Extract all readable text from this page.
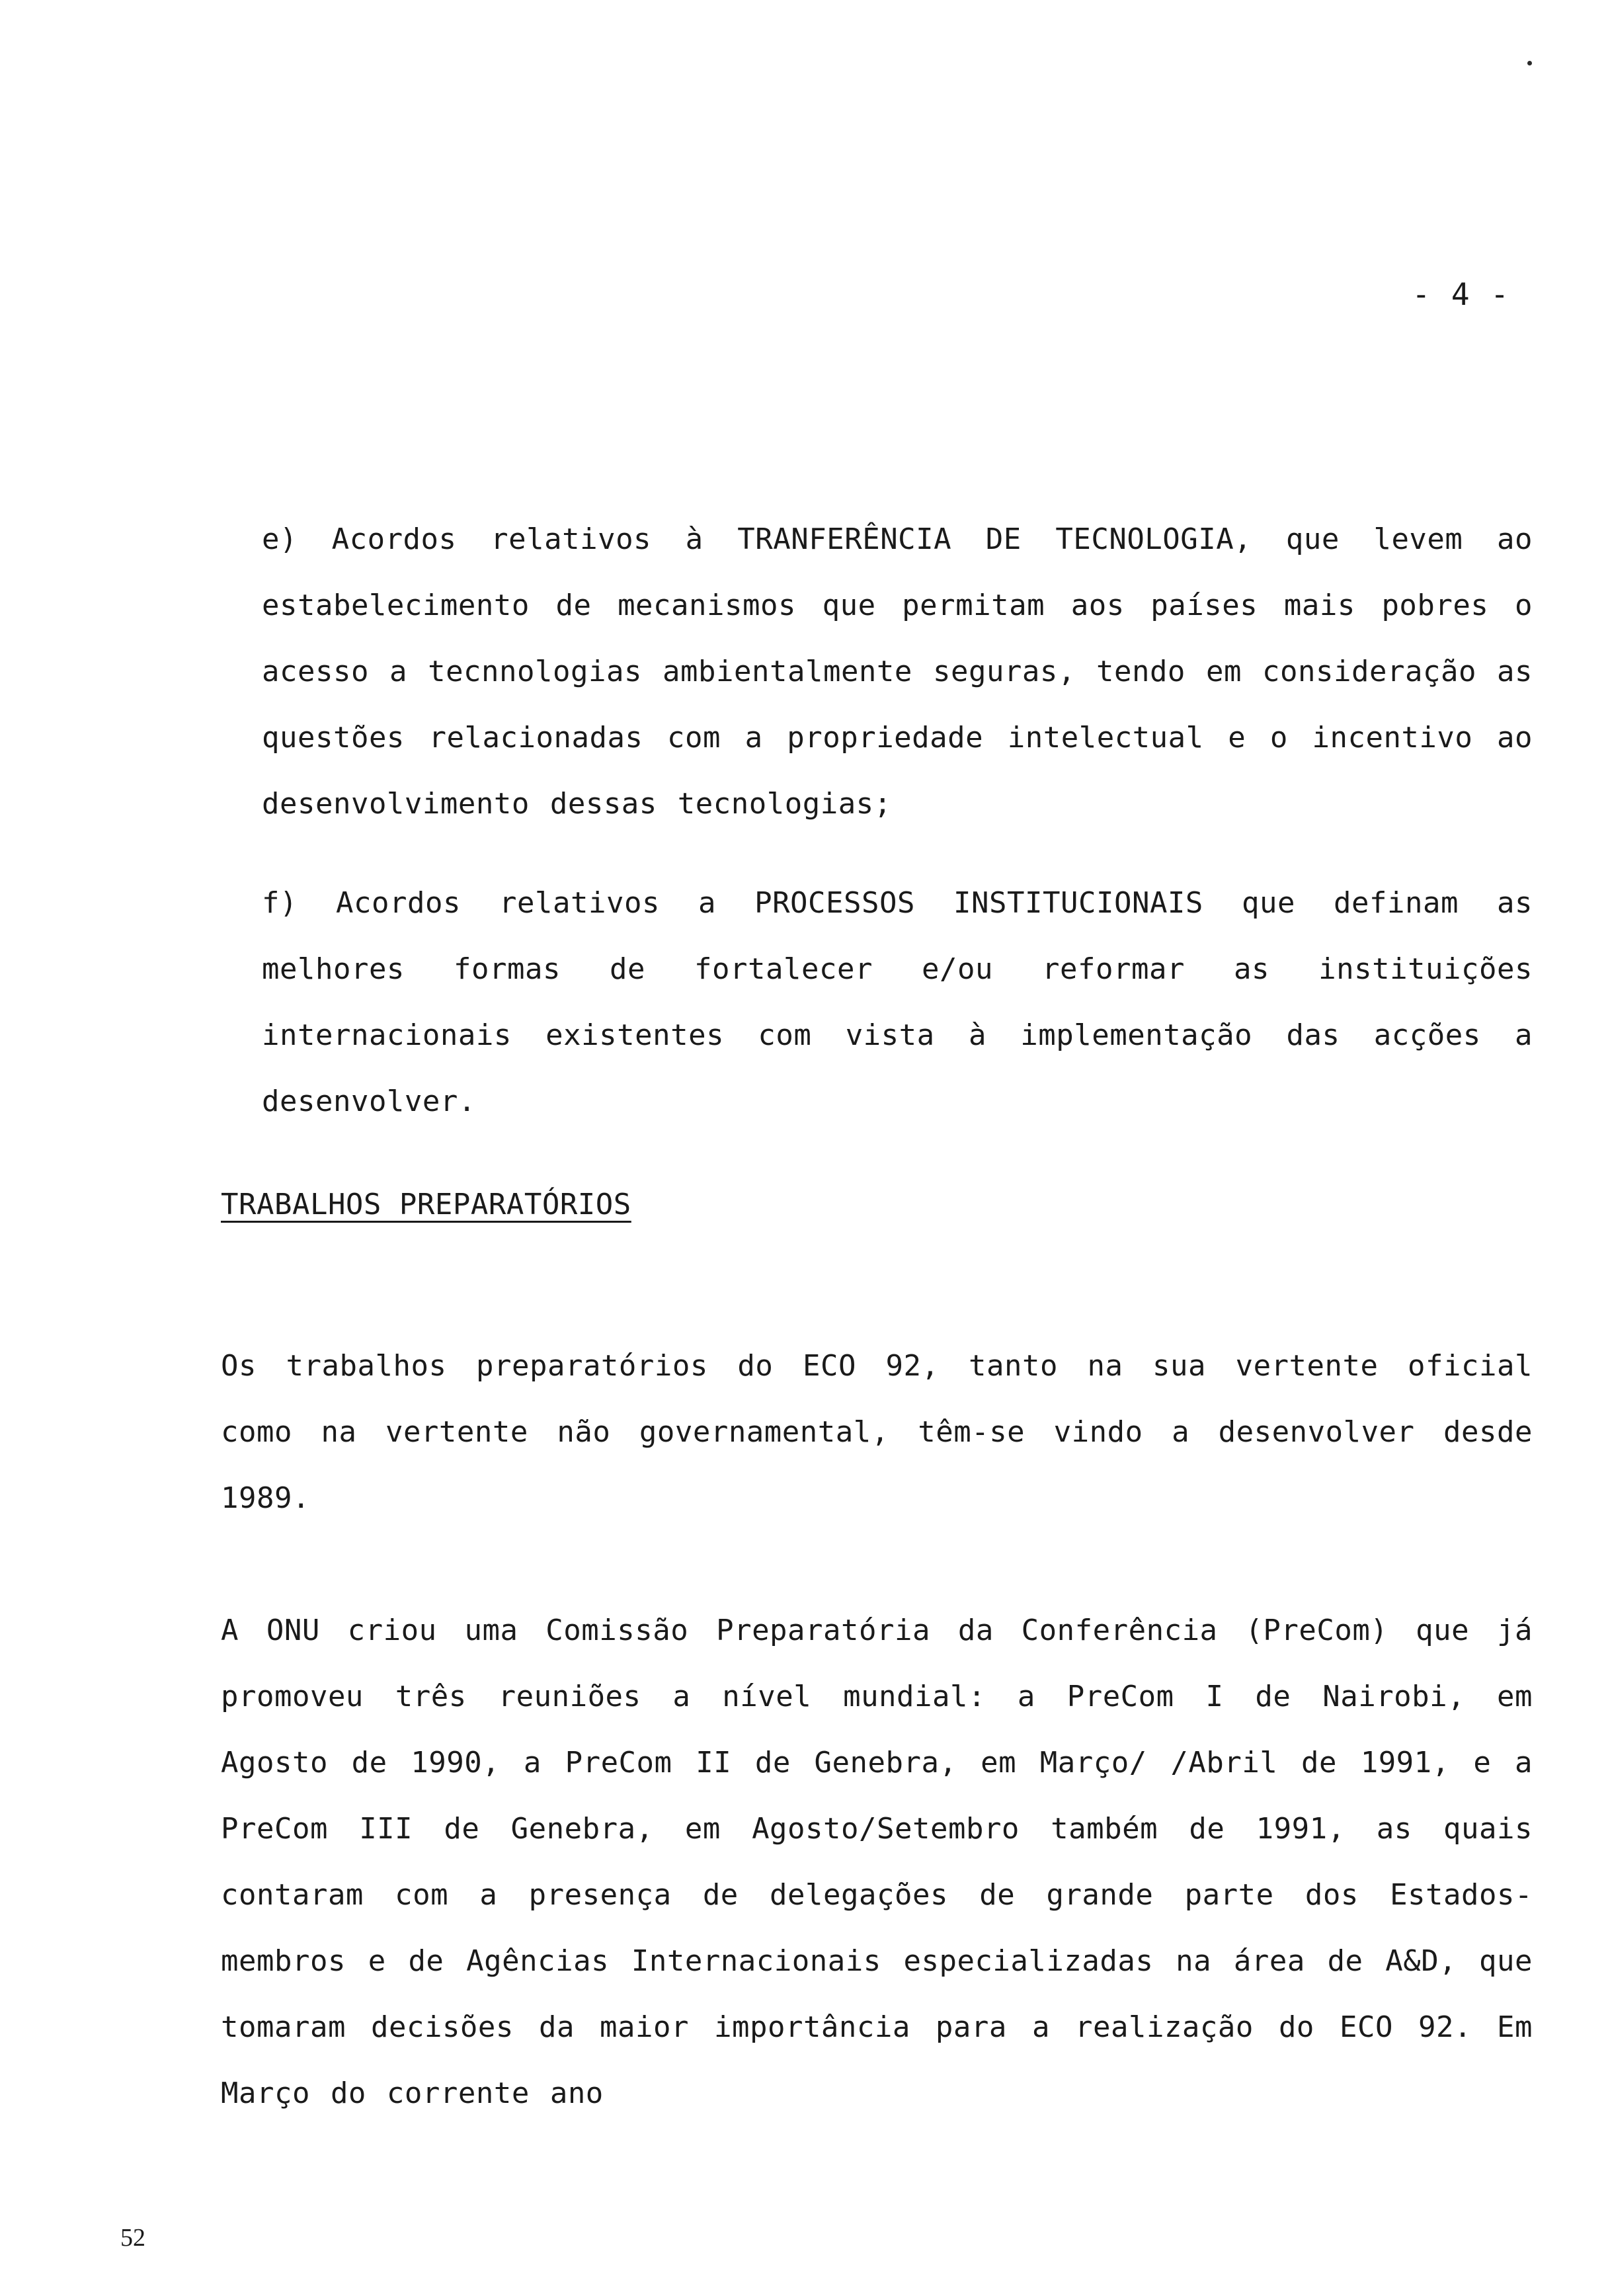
- 4 -

e) Acordos relativos à TRANFERÊNCIA DE TECNOLOGIA, que levem ao estabelecimento de mecanismos que permitam aos países mais pobres o acesso a tecnnologias ambientalmente seguras, tendo em consideração as questões relacionadas com a propriedade intelectual e o incentivo ao desenvolvimento dessas tecnologias;

f) Acordos relativos a PROCESSOS INSTITUCIONAIS que definam as melhores formas de fortalecer e/ou reformar as instituições internacionais existentes com vista à implementação das acções a desenvolver.

TRABALHOS PREPARATÓRIOS

Os trabalhos preparatórios do ECO 92, tanto na sua vertente oficial como na vertente não governamental, têm-se vindo a desenvolver desde 1989.

A ONU criou uma Comissão Preparatória da Conferência (PreCom) que já promoveu três reuniões a nível mundial: a PreCom I de Nairobi, em Agosto de 1990, a PreCom II de Genebra, em Março/ /Abril de 1991, e a PreCom III de Genebra, em Agosto/Setembro também de 1991, as quais contaram com a presença de delegações de grande parte dos Estados-membros e de Agências Internacionais especializadas na área de A&D, que tomaram decisões da maior importância para a realização do ECO 92. Em Março do corrente ano

52
